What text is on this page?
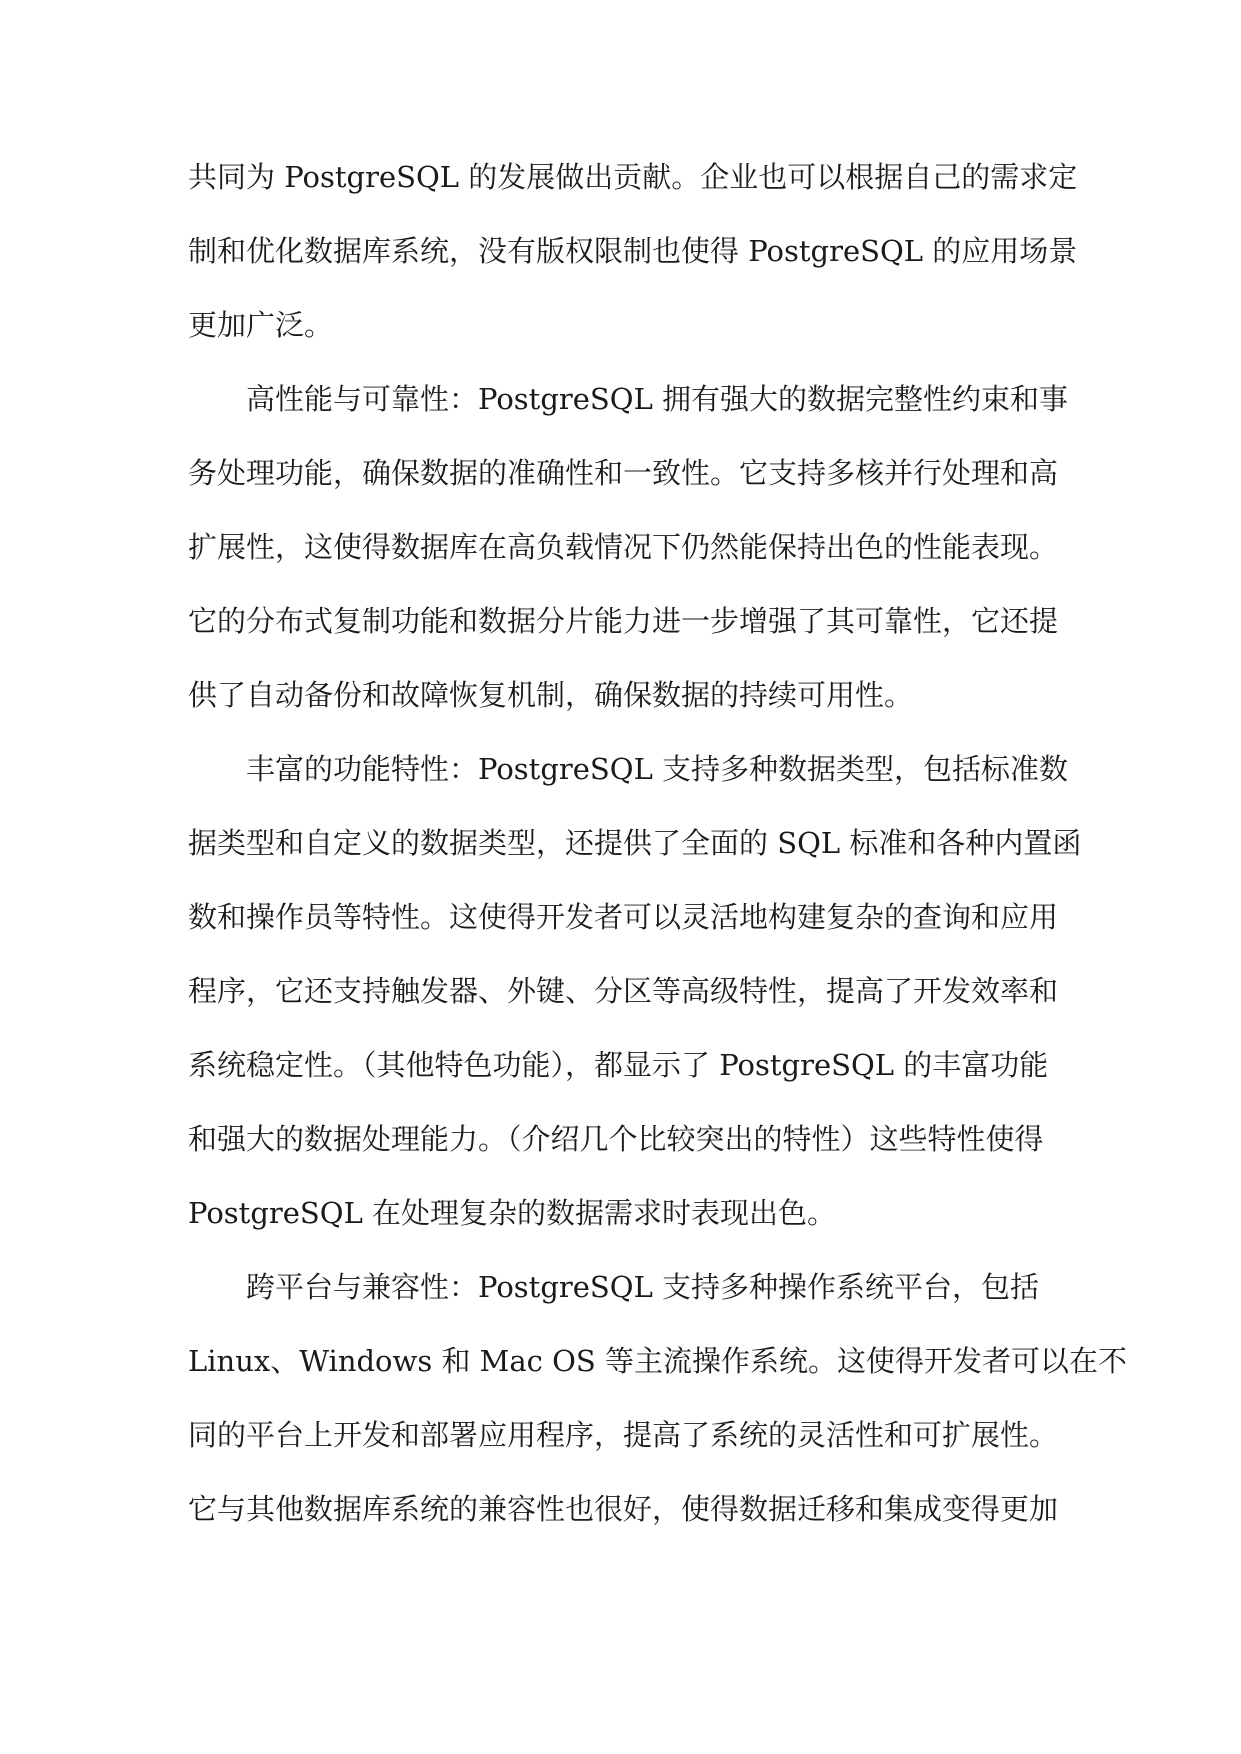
共同为 PostgreSQL 的发展做出贡献。企业也可以根据自己的需求定
制和优化数据库系统，没有版权限制也使得 PostgreSQL 的应用场景
更加广泛。
高性能与可靠性：PostgreSQL 拥有强大的数据完整性约束和事
务处理功能，确保数据的准确性和一致性。它支持多核并行处理和高
扩展性，这使得数据库在高负载情况下仍然能保持出色的性能表现。
它的分布式复制功能和数据分片能力进一步增强了其可靠性，它还提
供了自动备份和故障恢复机制，确保数据的持续可用性。
丰富的功能特性：PostgreSQL 支持多种数据类型，包括标准数
据类型和自定义的数据类型，还提供了全面的 SQL 标准和各种内置函
数和操作员等特性。这使得开发者可以灵活地构建复杂的查询和应用
程序，它还支持触发器、外键、分区等高级特性，提高了开发效率和
系统稳定性。（其他特色功能），都显示了 PostgreSQL 的丰富功能
和强大的数据处理能力。（介绍几个比较突出的特性）这些特性使得
PostgreSQL 在处理复杂的数据需求时表现出色。
跨平台与兼容性：PostgreSQL 支持多种操作系统平台，包括
Linux、Windows 和 Mac OS 等主流操作系统。这使得开发者可以在不
同的平台上开发和部署应用程序，提高了系统的灵活性和可扩展性。
它与其他数据库系统的兼容性也很好，使得数据迁移和集成变得更加
